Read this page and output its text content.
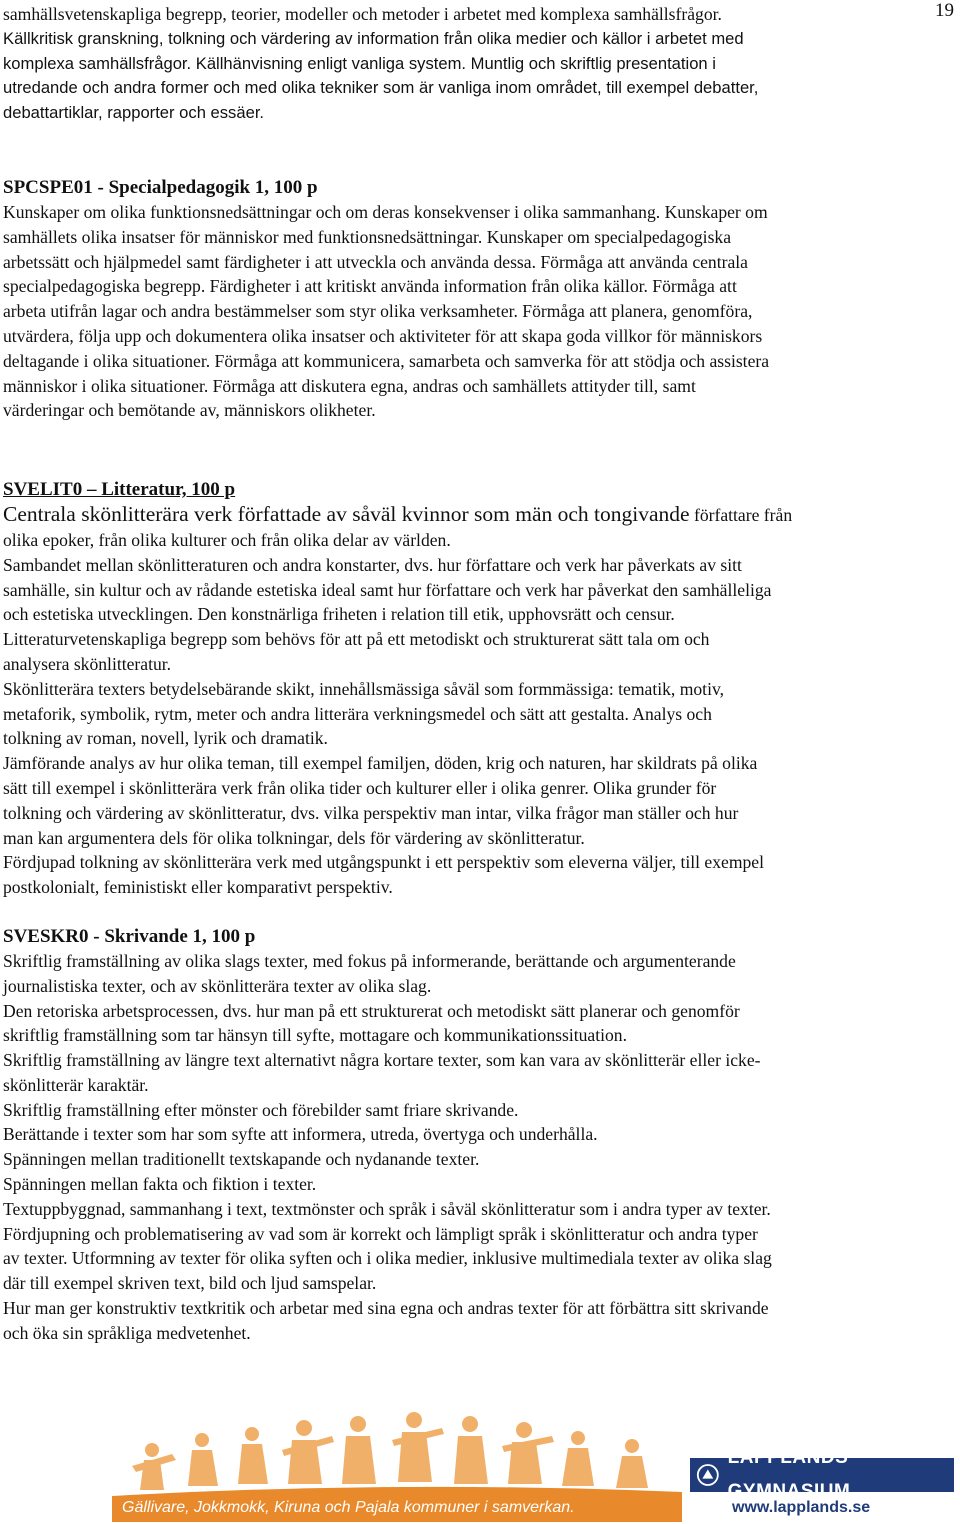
19

samhällsvetenskapliga begrepp, teorier, modeller och metoder i arbetet med komplexa samhällsfrågor.

Källkritisk granskning, tolkning och värdering av information från olika medier och källor i arbetet med

komplexa samhällsfrågor. Källhänvisning enligt vanliga system. Muntlig och skriftlig presentation i

utredande och andra former och med olika tekniker som är vanliga inom området, till exempel debatter,

debattartiklar, rapporter och essäer.

SPCSPE01 - Specialpedagogik 1, 100 p

Kunskaper om olika funktionsnedsättningar och om deras konsekvenser i olika sammanhang. Kunskaper om

samhällets olika insatser för människor med funktionsnedsättningar. Kunskaper om specialpedagogiska

arbetssätt och hjälpmedel samt färdigheter i att utveckla och använda dessa. Förmåga att använda centrala

specialpedagogiska begrepp. Färdigheter i att kritiskt använda information från olika källor. Förmåga att

arbeta utifrån lagar och andra bestämmelser som styr olika verksamheter. Förmåga att planera, genomföra,

utvärdera, följa upp och dokumentera olika insatser och aktiviteter för att skapa goda villkor för människors

deltagande i olika situationer. Förmåga att kommunicera, samarbeta och samverka för att stödja och assistera

människor i olika situationer. Förmåga att diskutera egna, andras och samhällets attityder till, samt

värderingar och bemötande av, människors olikheter.

SVELIT0 – Litteratur, 100 p

Centrala skönlitterära verk författade av såväl kvinnor som män och tongivande författare från

olika epoker, från olika kulturer och från olika delar av världen.

Sambandet mellan skönlitteraturen och andra konstarter, dvs. hur författare och verk har påverkats av sitt

samhälle, sin kultur och av rådande estetiska ideal samt hur författare och verk har påverkat den samhälleliga

och estetiska utvecklingen. Den konstnärliga friheten i relation till etik, upphovsrätt och censur.

Litteraturvetenskapliga begrepp som behövs för att på ett metodiskt och strukturerat sätt tala om och

analysera skönlitteratur.

Skönlitterära texters betydelsebärande skikt, innehållsmässiga såväl som formmässiga: tematik, motiv,

metaforik, symbolik, rytm, meter och andra litterära verkningsmedel och sätt att gestalta. Analys och

tolkning av roman, novell, lyrik och dramatik.

Jämförande analys av hur olika teman, till exempel familjen, döden, krig och naturen, har skildrats på olika

sätt till exempel i skönlitterära verk från olika tider och kulturer eller i olika genrer. Olika grunder för

tolkning och värdering av skönlitteratur, dvs. vilka perspektiv man intar, vilka frågor man ställer och hur

man kan argumentera dels för olika tolkningar, dels för värdering av skönlitteratur.

Fördjupad tolkning av skönlitterära verk med utgångspunkt i ett perspektiv som eleverna väljer, till exempel

postkolonialt, feministiskt eller komparativt perspektiv.

SVESKR0 - Skrivande 1, 100 p

Skriftlig framställning av olika slags texter, med fokus på informerande, berättande och argumenterande

journalistiska texter, och av skönlitterära texter av olika slag.

Den retoriska arbetsprocessen, dvs. hur man på ett strukturerat och metodiskt sätt planerar och genomför

skriftlig framställning som tar hänsyn till syfte, mottagare och kommunikationssituation.

Skriftlig framställning av längre text alternativt några kortare texter, som kan vara av skönlitterär eller icke-

skönlitterär karaktär.

Skriftlig framställning efter mönster och förebilder samt friare skrivande.

Berättande i texter som har som syfte att informera, utreda, övertyga och underhålla.

Spänningen mellan traditionellt textskapande och nydanande texter.

Spänningen mellan fakta och fiktion i texter.

Textuppbyggnad, sammanhang i text, textmönster och språk i såväl skönlitteratur som i andra typer av texter.

Fördjupning och problematisering av vad som är korrekt och lämpligt språk i skönlitteratur och andra typer

av texter. Utformning av texter för olika syften och i olika medier, inklusive multimediala texter av olika slag

där till exempel skriven text, bild och ljud samspelar.

Hur man ger konstruktiv textkritik och arbetar med sina egna och andras texter för att förbättra sitt skrivande

och öka sin språkliga medvetenhet.

LAPPLANDS GYMNASIUM
Gällivare, Jokkmokk, Kiruna och Pajala kommuner i samverkan.	www.lapplands.se
